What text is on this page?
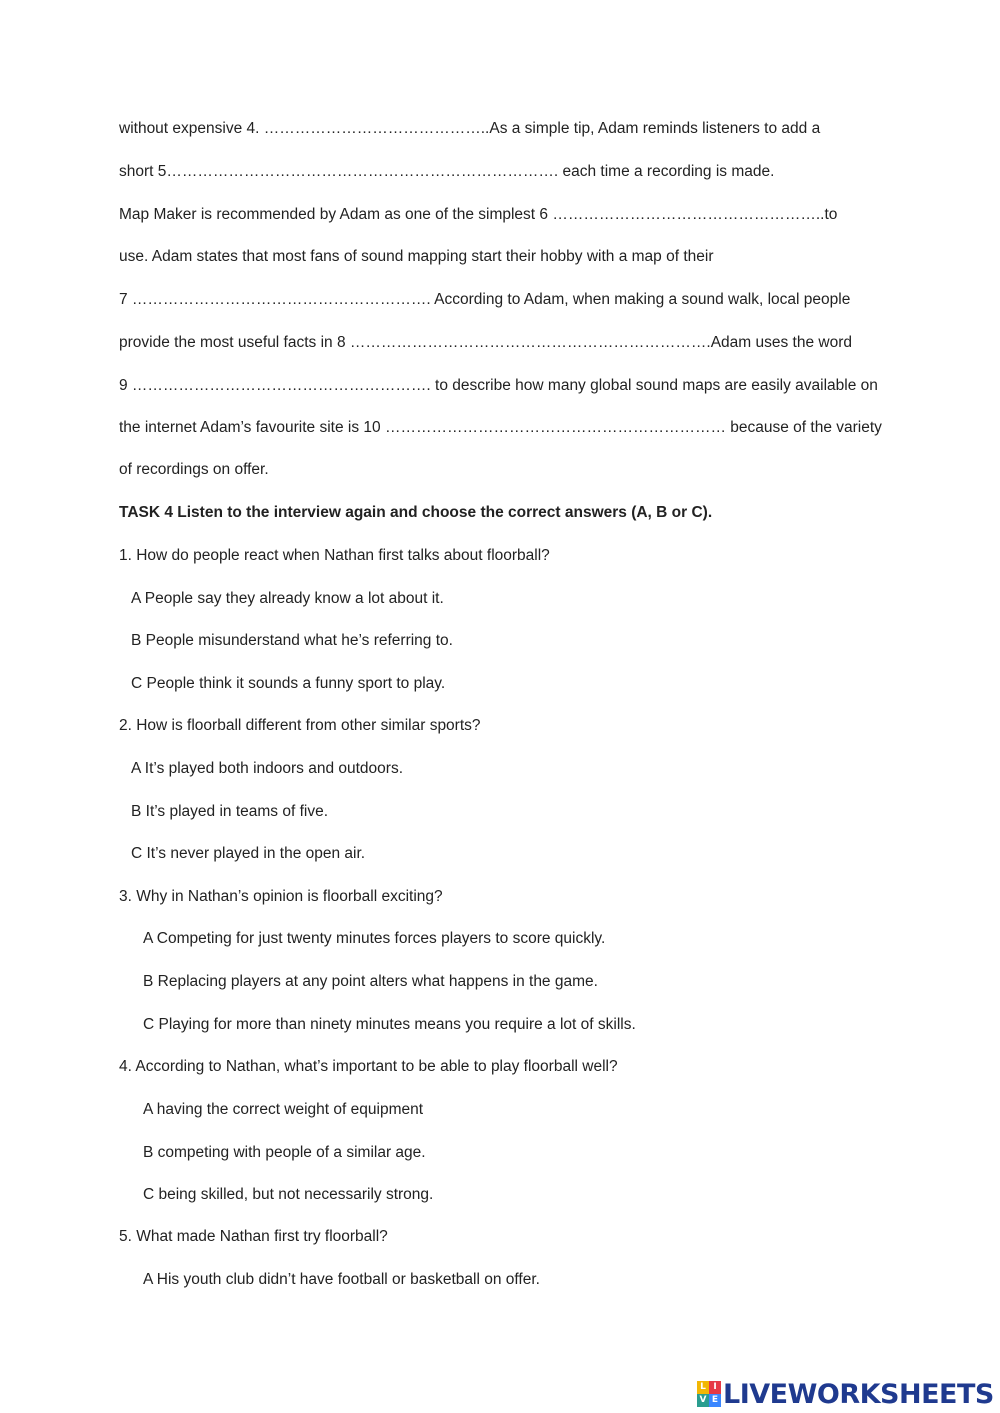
without expensive 4. ……………………………………..As a simple tip, Adam reminds listeners to add a
short 5…………………………………………………………………. each time a recording is made.
Map Maker is recommended by Adam as one of the simplest 6 ……………………………………………..to
use. Adam states that most fans of sound mapping start their hobby with a map of their
7 …………………………………………………. According to Adam, when making a sound walk, local people
provide the most useful facts in 8 …………………………………………………………….Adam uses the word
9 …………………………………………………. to describe how many global sound maps are easily available on
the internet Adam’s favourite site is 10 ………………………………………………………… because of the variety
of recordings on offer.
TASK 4 Listen to the interview again and choose the correct answers (A, B or C).
1. How do people react when Nathan first talks about floorball?
A People say they already know a lot about it.
B People misunderstand what he’s referring to.
C People think it sounds a funny sport to play.
2. How is floorball different from other similar sports?
A It’s played both indoors and outdoors.
B It’s played in teams of five.
C It’s never played in the open air.
3. Why in Nathan’s opinion is floorball exciting?
A Competing for just twenty minutes forces players to score quickly.
B Replacing players at any point alters what happens in the game.
C Playing for more than ninety minutes means you require a lot of skills.
4. According to Nathan, what’s important to be able to play floorball well?
A having the correct weight of equipment
B competing with people of a similar age.
C being skilled, but not necessarily strong.
5. What made Nathan first try floorball?
A His youth club didn’t have football or basketball on offer.
L I
V E LIVEWORKSHEETS
